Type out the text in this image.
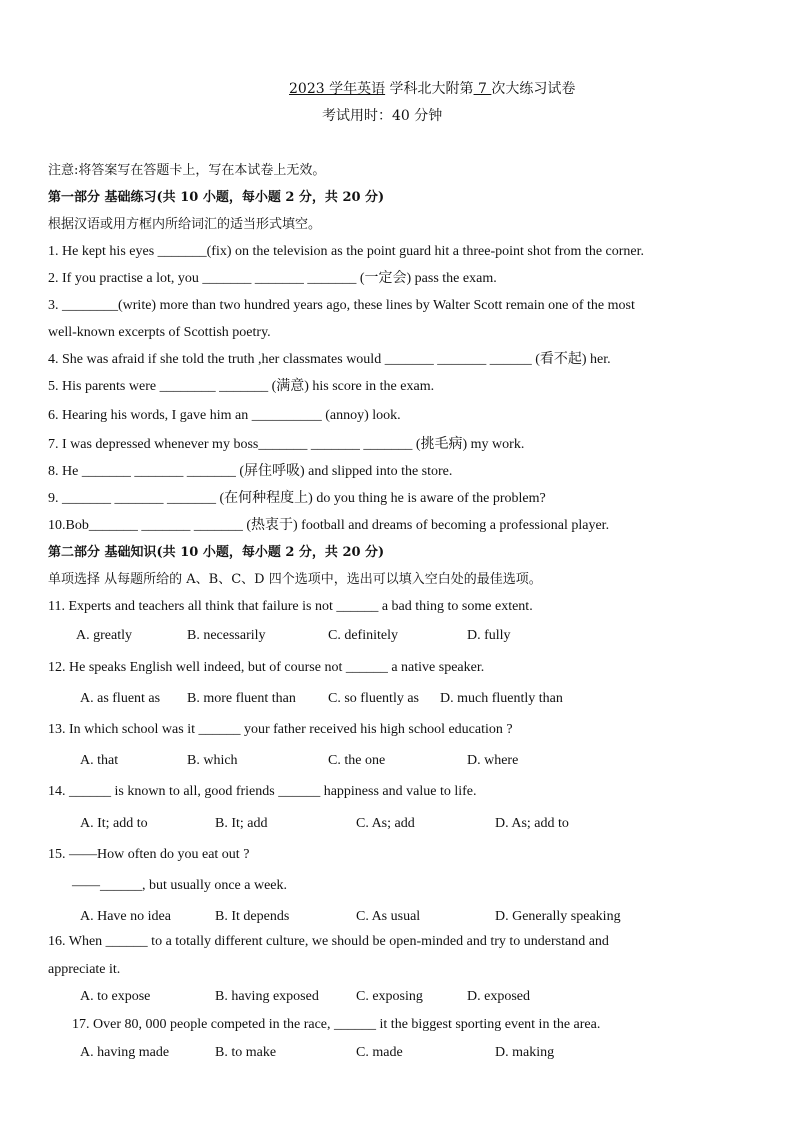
2023 学年英语 学科北大附第 7 次大练习试卷
考试用时：40 分钟
注意:将答案写在答题卡上，写在本试卷上无效。
第一部分 基础练习(共 10 小题，每小题 2 分，共 20 分)
根据汉语或用方框内所给词汇的适当形式填空。
1. He kept his eyes _______(fix) on the television as the point guard hit a three-point shot from the corner.
2. If you practise a lot, you _______ _______ _______ (一定会) pass the exam.
3. ________(write) more than two hundred years ago, these lines by Walter Scott remain one of the most
well-known excerpts of Scottish poetry.
4. She was afraid if she told the truth ,her classmates would _______ _______ ______ (看不起) her.
5. His parents were ________ _______ (满意) his score in the exam.
6. Hearing his words, I gave him an __________ (annoy) look.
7. I was depressed whenever my boss_______ _______ _______ (挑毛病) my work.
8. He _______ _______ _______ (屏住呼吸) and slipped into the store.
9. _______ _______ _______ (在何种程度上) do you thing he is aware of the problem?
10.Bob_______ _______ _______ (热衷于) football and dreams of becoming a professional player.
第二部分 基础知识(共 10 小题，每小题 2 分，共 20 分)
单项选择 从每题所给的 A、B、C、D 四个选项中，选出可以填入空白处的最佳选项。
11. Experts and teachers all think that failure is not ______ a bad thing to some extent.
A. greatly	B. necessarily	C. definitely	D. fully
12. He speaks English well indeed, but of course not ______ a native speaker.
A. as fluent as B. more fluent than C. so fluently as D. much fluently than
13. In which school was it ______ your father received his high school education ?
A. that	B. which	C. the one	D. where
14. ______ is known to all, good friends ______ happiness and value to life.
A. It; add to	B. It; add	C. As; add	D. As; add to
15. ——How often do you eat out ?
——______, but usually once a week.
A. Have no idea	B. It depends	C. As usual	D. Generally speaking
16. When ______ to a totally different culture, we should be open-minded and try to understand and
appreciate it.
A. to expose	B. having exposed	C. exposing	D. exposed
17. Over 80, 000 people competed in the race, ______ it the biggest sporting event in the area.
A. having made	B. to make	C. made	D. making
